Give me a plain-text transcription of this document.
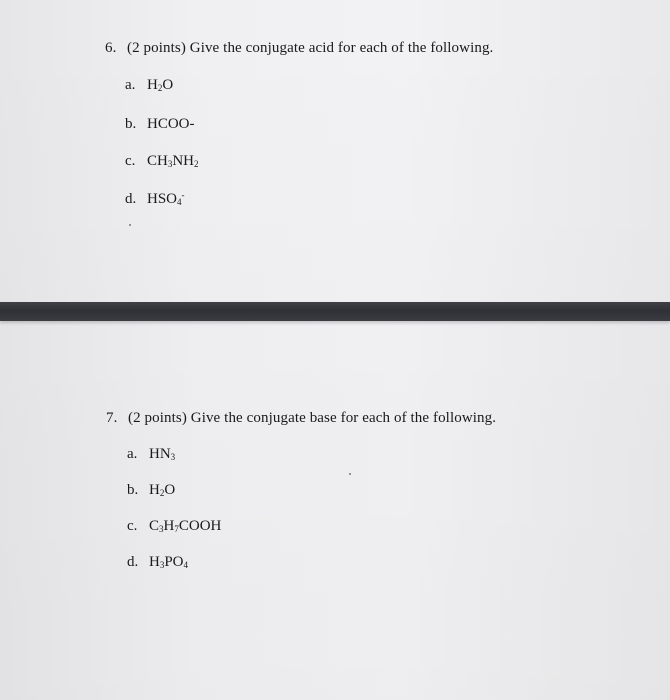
6. (2 points) Give the conjugate acid for each of the following.
a. $H_2O$
b. HCOO-
c. $CH_3NH_2$
d. $HSO_4^-$
7. (2 points) Give the conjugate base for each of the following.
a. $HN_3$
b. $H_2O$
c. $C_3H_7COOH$
d. $H_3PO_4$
